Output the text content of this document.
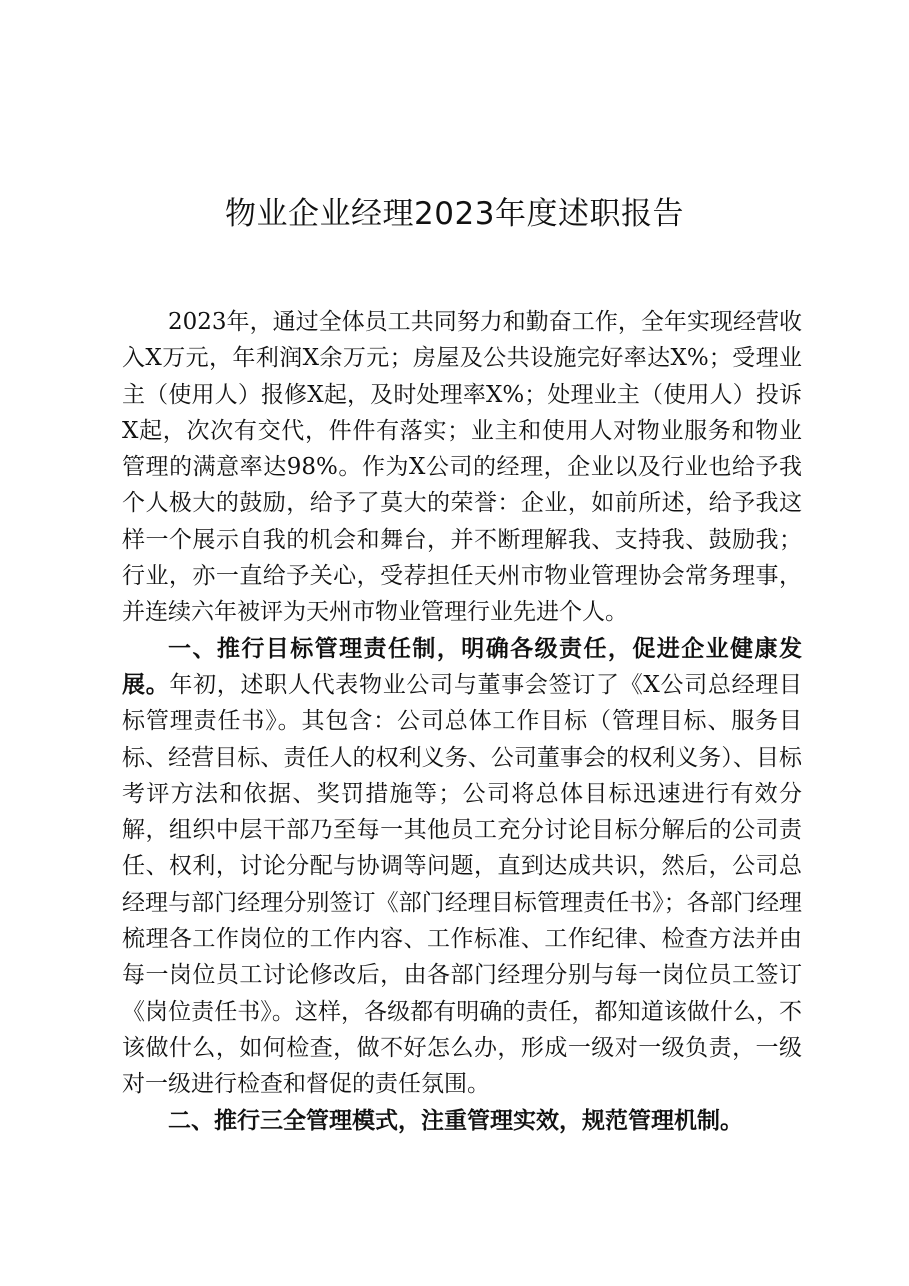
物业企业经理2023年度述职报告

2023年，通过全体员工共同努力和勤奋工作，全年实现经营收入X万元，年利润X余万元；房屋及公共设施完好率达X%；受理业主（使用人）报修X起，及时处理率X%；处理业主（使用人）投诉X起，次次有交代，件件有落实；业主和使用人对物业服务和物业管理的满意率达98%。作为X公司的经理，企业以及行业也给予我个人极大的鼓励，给予了莫大的荣誉：企业，如前所述，给予我这样一个展示自我的机会和舞台，并不断理解我、支持我、鼓励我；行业，亦一直给予关心，受荐担任天州市物业管理协会常务理事，并连续六年被评为天州市物业管理行业先进个人。

一、推行目标管理责任制，明确各级责任，促进企业健康发展。年初，述职人代表物业公司与董事会签订了《X公司总经理目标管理责任书》。其包含：公司总体工作目标（管理目标、服务目标、经营目标、责任人的权利义务、公司董事会的权利义务）、目标考评方法和依据、奖罚措施等；公司将总体目标迅速进行有效分解，组织中层干部乃至每一其他员工充分讨论目标分解后的公司责任、权利，讨论分配与协调等问题，直到达成共识，然后，公司总经理与部门经理分别签订《部门经理目标管理责任书》；各部门经理梳理各工作岗位的工作内容、工作标准、工作纪律、检查方法并由每一岗位员工讨论修改后，由各部门经理分别与每一岗位员工签订《岗位责任书》。这样，各级都有明确的责任，都知道该做什么，不该做什么，如何检查，做不好怎么办，形成一级对一级负责，一级对一级进行检查和督促的责任氛围。

二、推行三全管理模式，注重管理实效，规范管理机制。
